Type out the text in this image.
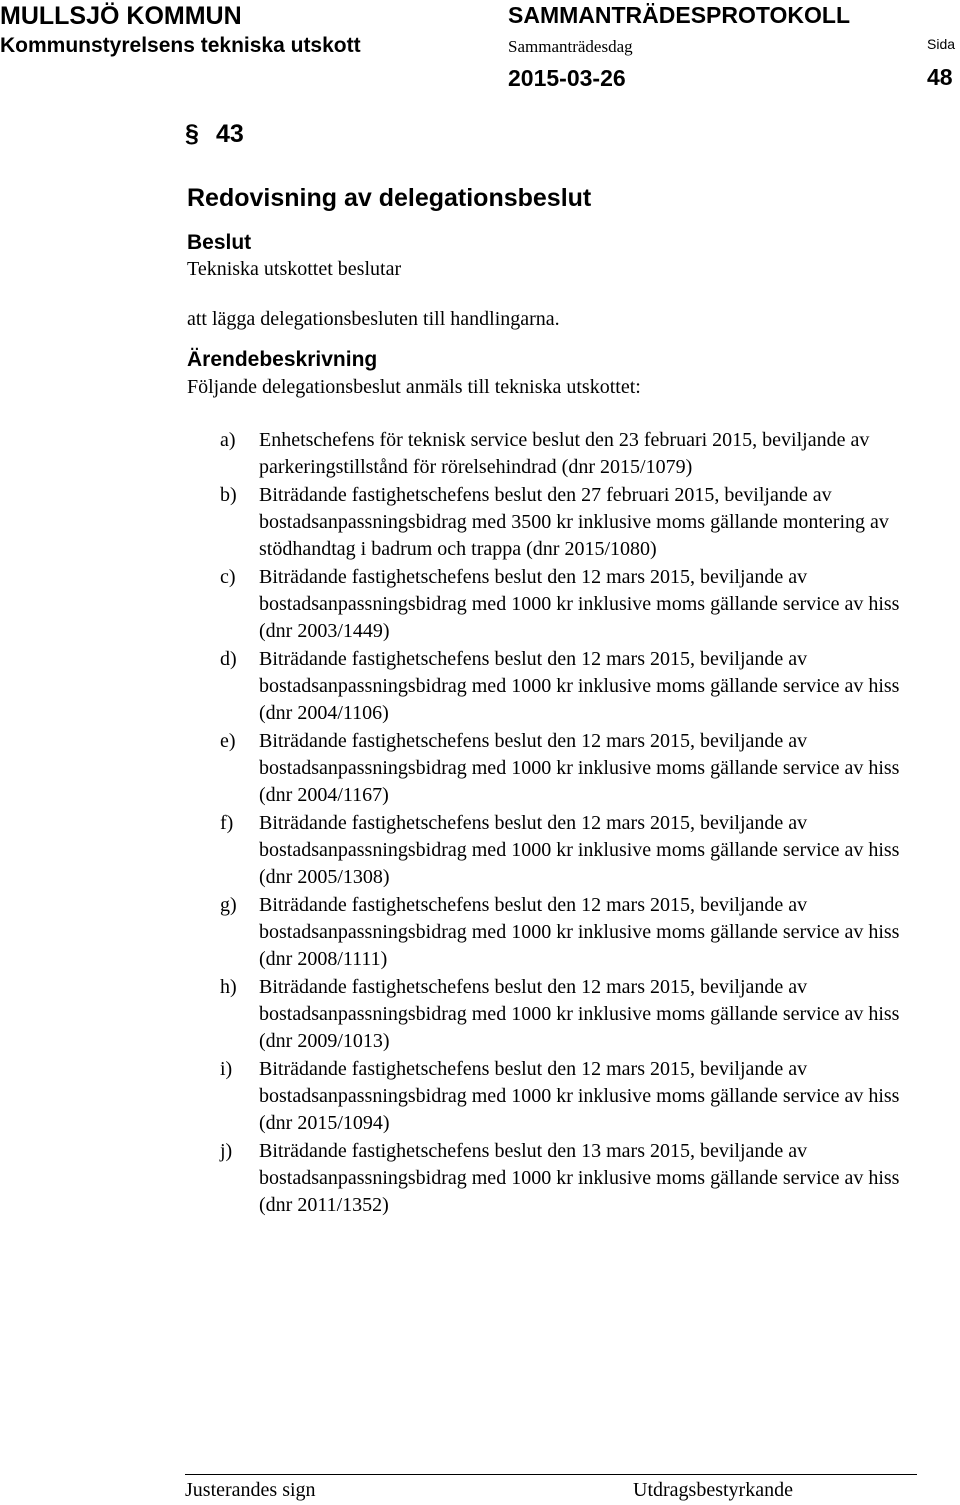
MULLSJÖ KOMMUN
Kommunstyrelsens tekniska utskott
SAMMANTRÄDESPROTOKOLL
Sammanträdesdag	Sida
2015-03-26	48
§ 43
Redovisning av delegationsbeslut
Beslut
Tekniska utskottet beslutar
att lägga delegationsbesluten till handlingarna.
Ärendebeskrivning
Följande delegationsbeslut anmäls till tekniska utskottet:
a) Enhetschefens för teknisk service beslut den 23 februari 2015, beviljande av parkeringstillstånd för rörelsehindrad (dnr 2015/1079)
b) Biträdande fastighetschefens beslut den 27 februari 2015, beviljande av bostadsanpassningsbidrag med 3500 kr inklusive moms gällande montering av stödhandtag i badrum och trappa (dnr 2015/1080)
c) Biträdande fastighetschefens beslut den 12 mars 2015, beviljande av bostadsanpassningsbidrag med 1000 kr inklusive moms gällande service av hiss (dnr 2003/1449)
d) Biträdande fastighetschefens beslut den 12 mars 2015, beviljande av bostadsanpassningsbidrag med 1000 kr inklusive moms gällande service av hiss (dnr 2004/1106)
e) Biträdande fastighetschefens beslut den 12 mars 2015, beviljande av bostadsanpassningsbidrag med 1000 kr inklusive moms gällande service av hiss (dnr 2004/1167)
f) Biträdande fastighetschefens beslut den 12 mars 2015, beviljande av bostadsanpassningsbidrag med 1000 kr inklusive moms gällande service av hiss (dnr 2005/1308)
g) Biträdande fastighetschefens beslut den 12 mars 2015, beviljande av bostadsanpassningsbidrag med 1000 kr inklusive moms gällande service av hiss (dnr 2008/1111)
h) Biträdande fastighetschefens beslut den 12 mars 2015, beviljande av bostadsanpassningsbidrag med 1000 kr inklusive moms gällande service av hiss (dnr 2009/1013)
i) Biträdande fastighetschefens beslut den 12 mars 2015, beviljande av bostadsanpassningsbidrag med 1000 kr inklusive moms gällande service av hiss (dnr 2015/1094)
j) Biträdande fastighetschefens beslut den 13 mars 2015, beviljande av bostadsanpassningsbidrag med 1000 kr inklusive moms gällande service av hiss (dnr 2011/1352)
Justerandes sign	Utdragsbestyrkande
